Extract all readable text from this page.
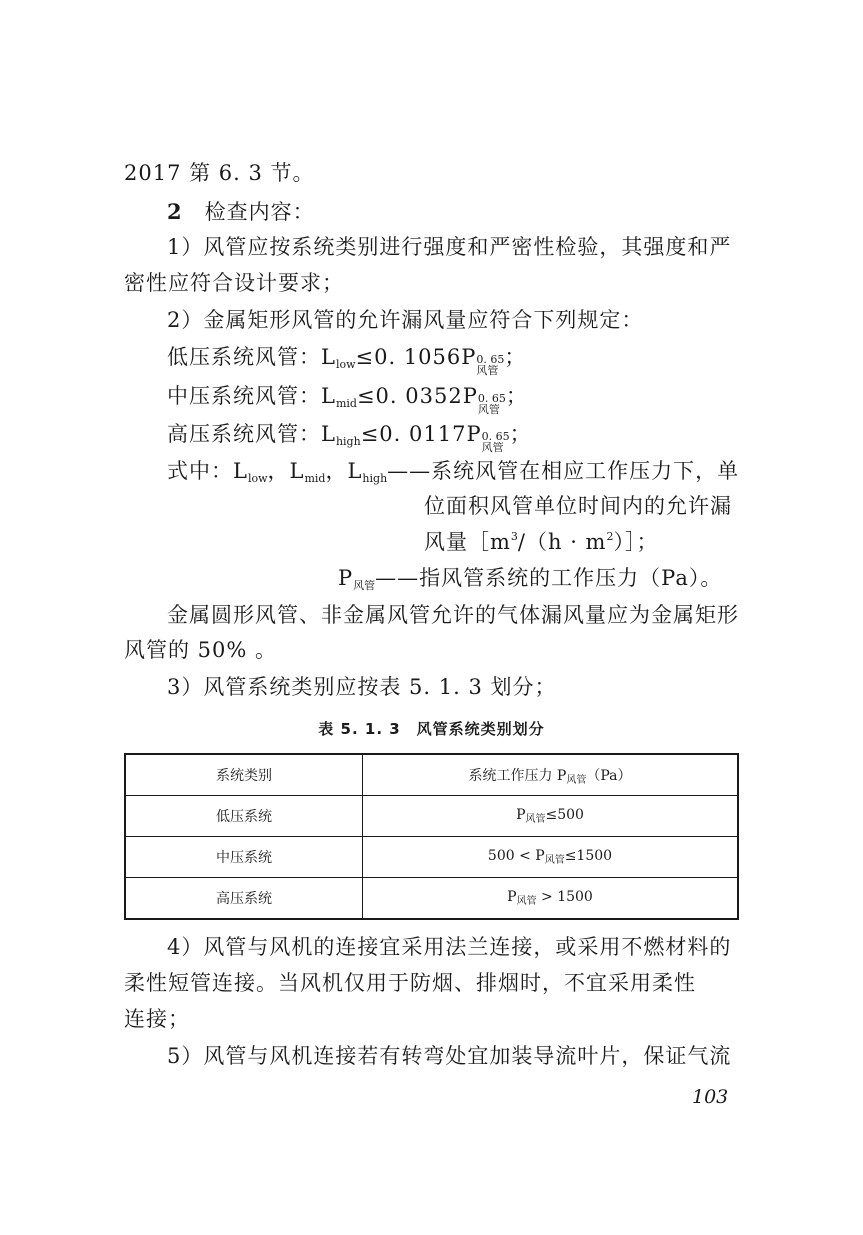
2017 第 6. 3 节。
2　 检查内容：
1）风管应按系统类别进行强度和严密性检验，其强度和严
密性应符合设计要求；
2）金属矩形风管的允许漏风量应符合下列规定：
低压系统风管：$L_{low}\le 0$. 1056P 0. 65
风管
；
中压系统风管：$L_{mid}\le 0$. 0352P 0. 65
风管
；
高压系统风管：$L_{high}\le 0$. 0117P 0. 65
风管
；
式中：$L_{low}$，$L_{mid}$，$L_{high}——$系统风管在相应工作压力下，单
位面积风管单位时间内的允许漏
风量$[m^3/(h$ · $m^2)]$；
$P_{风管}——$指风管系统的工作压力（Pa）。
金属圆形风管、非金属风管允许的气体漏风量应为金属矩形
风管的 50% 。
3）风管系统类别应按表 5. 1. 3 划分；
表 5. 1. 3　风管系统类别划分
系统类别	系统工作压力 $P_{风管}(Pa)$
低压系统	$P_{风管}\le 500$
中压系统	$500 < P_{风管}\le 1500$
高压系统	$P_{风管} > 1500$
4）风管与风机的连接宜采用法兰连接，或采用不燃材料的
柔性短管连接。当风机仅用于防烟、排烟时，不宜采用柔性
连接；
5）风管与风机连接若有转弯处宜加装导流叶片，保证气流
103
